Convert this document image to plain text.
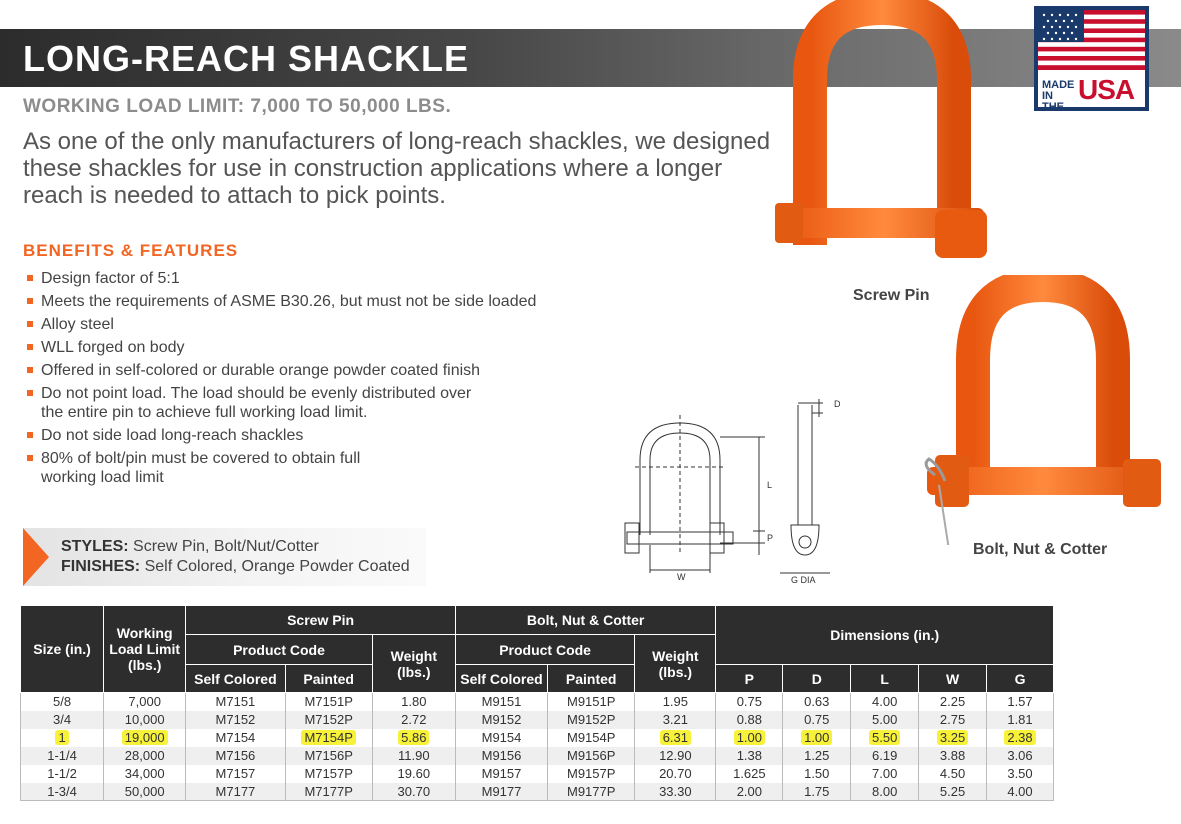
LONG-REACH SHACKLE
WORKING LOAD LIMIT: 7,000 TO 50,000 LBS.
As one of the only manufacturers of long-reach shackles, we designed these shackles for use in construction applications where a longer reach is needed to attach to pick points.
BENEFITS & FEATURES
Design factor of 5:1
Meets the requirements of ASME B30.26, but must not be side loaded
Alloy steel
WLL forged on body
Offered in self-colored or durable orange powder coated finish
Do not point load. The load should be evenly distributed over the entire pin to achieve full working load limit.
Do not side load long-reach shackles
80% of bolt/pin must be covered to obtain full working load limit
STYLES: Screw Pin, Bolt/Nut/Cotter
FINISHES: Self Colored, Orange Powder Coated
MADE IN THE
USA
Screw Pin
Bolt, Nut & Cotter
L
P
W
D
G DIA
Size (in.)	Working Load Limit (lbs.)	Screw Pin			Bolt, Nut & Cotter			Dimensions (in.)				
		Product Code		Weight (lbs.)	Product Code		Weight (lbs.)					
		Self Colored	Painted		Self Colored	Painted		P	D	L	W	G
5/8	7,000	M7151	M7151P	1.80	M9151	M9151P	1.95	0.75	0.63	4.00	2.25	1.57
3/4	10,000	M7152	M7152P	2.72	M9152	M9152P	3.21	0.88	0.75	5.00	2.75	1.81
1	19,000	M7154	M7154P	5.86	M9154	M9154P	6.31	1.00	1.00	5.50	3.25	2.38
1-1/4	28,000	M7156	M7156P	11.90	M9156	M9156P	12.90	1.38	1.25	6.19	3.88	3.06
1-1/2	34,000	M7157	M7157P	19.60	M9157	M9157P	20.70	1.625	1.50	7.00	4.50	3.50
1-3/4	50,000	M7177	M7177P	30.70	M9177	M9177P	33.30	2.00	1.75	8.00	5.25	4.00
